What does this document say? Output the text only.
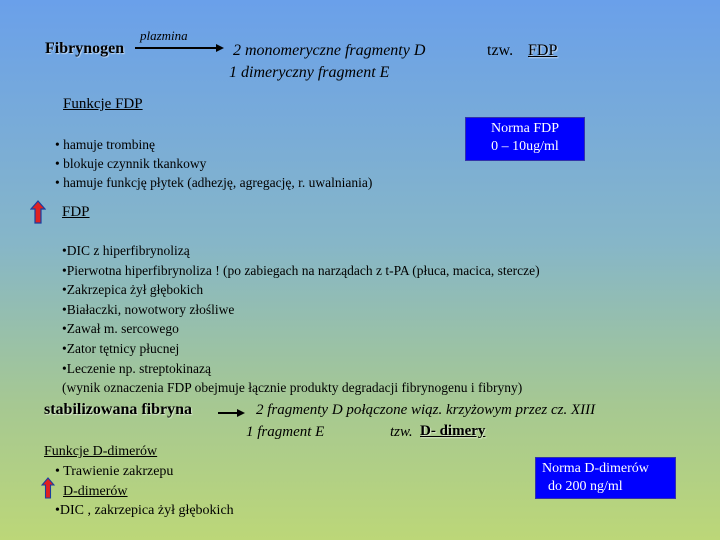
Fibrynogen
plazmina
2 monomeryczne fragmenty D
1 dimeryczny fragment E
tzw. FDP
Funkcje FDP
• hamuje trombinę
• blokuje czynnik tkankowy
• hamuje funkcję płytek (adhezję, agregację, r. uwalniania)
Norma FDP
0 – 10ug/ml
FDP
•DIC z hiperfibrynolizą
•Pierwotna hiperfibrynoliza ! (po zabiegach na narządach z t-PA (płuca, macica, stercze)
•Zakrzepica żył głębokich
•Białaczki, nowotwory złośliwe
•Zawał m. sercowego
•Zator tętnicy płucnej
•Leczenie np. streptokinazą
(wynik oznaczenia FDP obejmuje łącznie produkty degradacji fibrynogenu i fibryny)
stabilizowana fibryna	2 fragmenty D połączone wiąz. krzyżowym przez cz. XIII
1 fragment E	tzw. D- dimery
Funkcje D-dimerów
• Trawienie zakrzepu
D-dimerów
•DIC , zakrzepica żył głębokich
Norma D-dimerów
do 200 ng/ml
